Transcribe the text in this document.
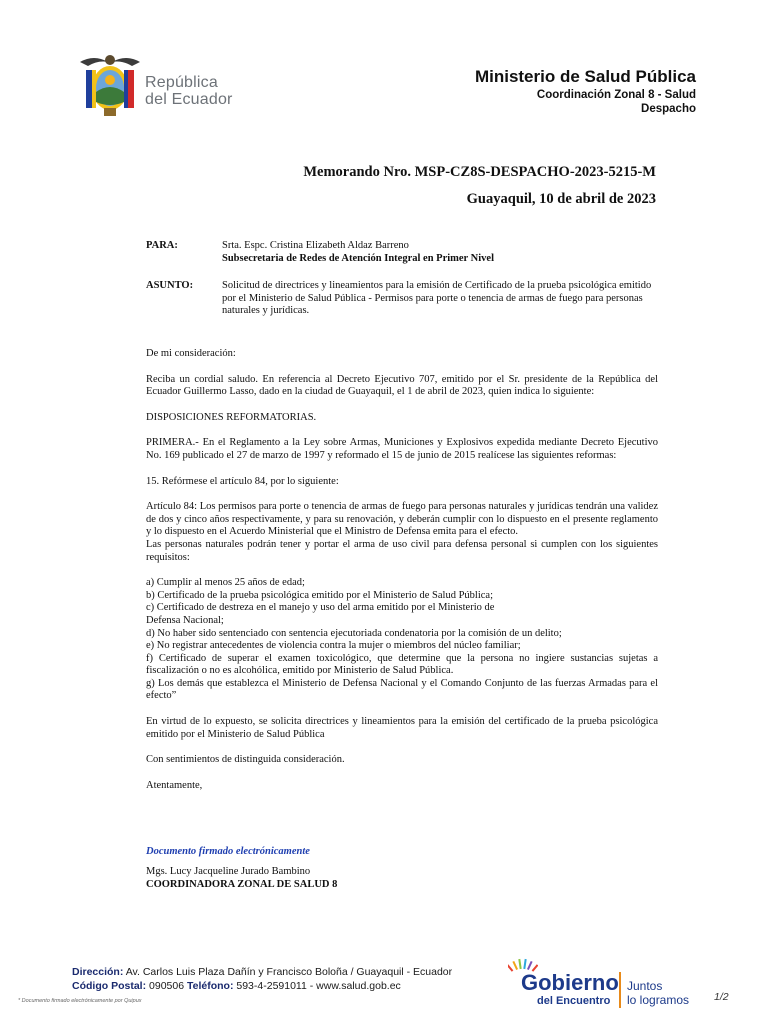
República
del Ecuador
Ministerio de Salud Pública
Coordinación Zonal 8 - Salud
Despacho
Memorando Nro. MSP-CZ8S-DESPACHO-2023-5215-M
Guayaquil, 10 de abril de 2023
PARA:	Srta. Espc. Cristina Elizabeth Aldaz Barreno
Subsecretaria de Redes de Atención Integral en Primer Nivel
ASUNTO:	Solicitud de directrices y lineamientos para la emisión de Certificado de la prueba psicológica emitido por el Ministerio de Salud Pública - Permisos para porte o tenencia de armas de fuego para personas naturales y jurídicas.

De mi consideración:

Reciba un cordial saludo. En referencia al Decreto Ejecutivo 707, emitido por el Sr. presidente de la República del Ecuador Guillermo Lasso, dado en la ciudad de Guayaquil, el 1 de abril de 2023, quien indica lo siguiente:

DISPOSICIONES REFORMATORIAS.

PRIMERA.- En el Reglamento a la Ley sobre Armas, Municiones y Explosivos expedida mediante Decreto Ejecutivo No. 169 publicado el 27 de marzo de 1997 y reformado el 15 de junio de 2015 realícese las siguientes reformas:

15. Refórmese el artículo 84, por lo siguiente:

Artículo 84: Los permisos para porte o tenencia de armas de fuego para personas naturales y jurídicas tendrán una validez de dos y cinco años respectivamente, y para su renovación, y deberán cumplir con lo dispuesto en el presente reglamento y lo dispuesto en el Acuerdo Ministerial que el Ministro de Defensa emita para el efecto.

Las personas naturales podrán tener y portar el arma de uso civil para defensa personal si cumplen con los siguientes requisitos:

a) Cumplir al menos 25 años de edad;
b) Certificado de la prueba psicológica emitido por el Ministerio de Salud Pública;
c) Certificado de destreza en el manejo y uso del arma emitido por el Ministerio de
Defensa Nacional;
d) No haber sido sentenciado con sentencia ejecutoriada condenatoria por la comisión de un delito;
e) No registrar antecedentes de violencia contra la mujer o miembros del núcleo familiar;
f) Certificado de superar el examen toxicológico, que determine que la persona no ingiere sustancias sujetas a fiscalización o no es alcohólica, emitido por Ministerio de Salud Pública.

g) Los demás que establezca el Ministerio de Defensa Nacional y el Comando Conjunto de las fuerzas Armadas para el efecto”

En virtud de lo expuesto, se solicita directrices y lineamientos para la emisión del certificado de la prueba psicológica emitido por el Ministerio de Salud Pública

Con sentimientos de distinguida consideración.

Atentamente,

Documento firmado electrónicamente
Mgs. Lucy Jacqueline Jurado Bambino
COORDINADORA ZONAL DE SALUD 8
Dirección: Av. Carlos Luis Plaza Dañín y Francisco Boloña / Guayaquil - Ecuador
Código Postal: 090506 Teléfono: 593-4-2591011 - www.salud.gob.ec
* Documento firmado electrónicamente por Quipux
Gobierno
del Encuentro
Juntos
lo logramos 1/2
